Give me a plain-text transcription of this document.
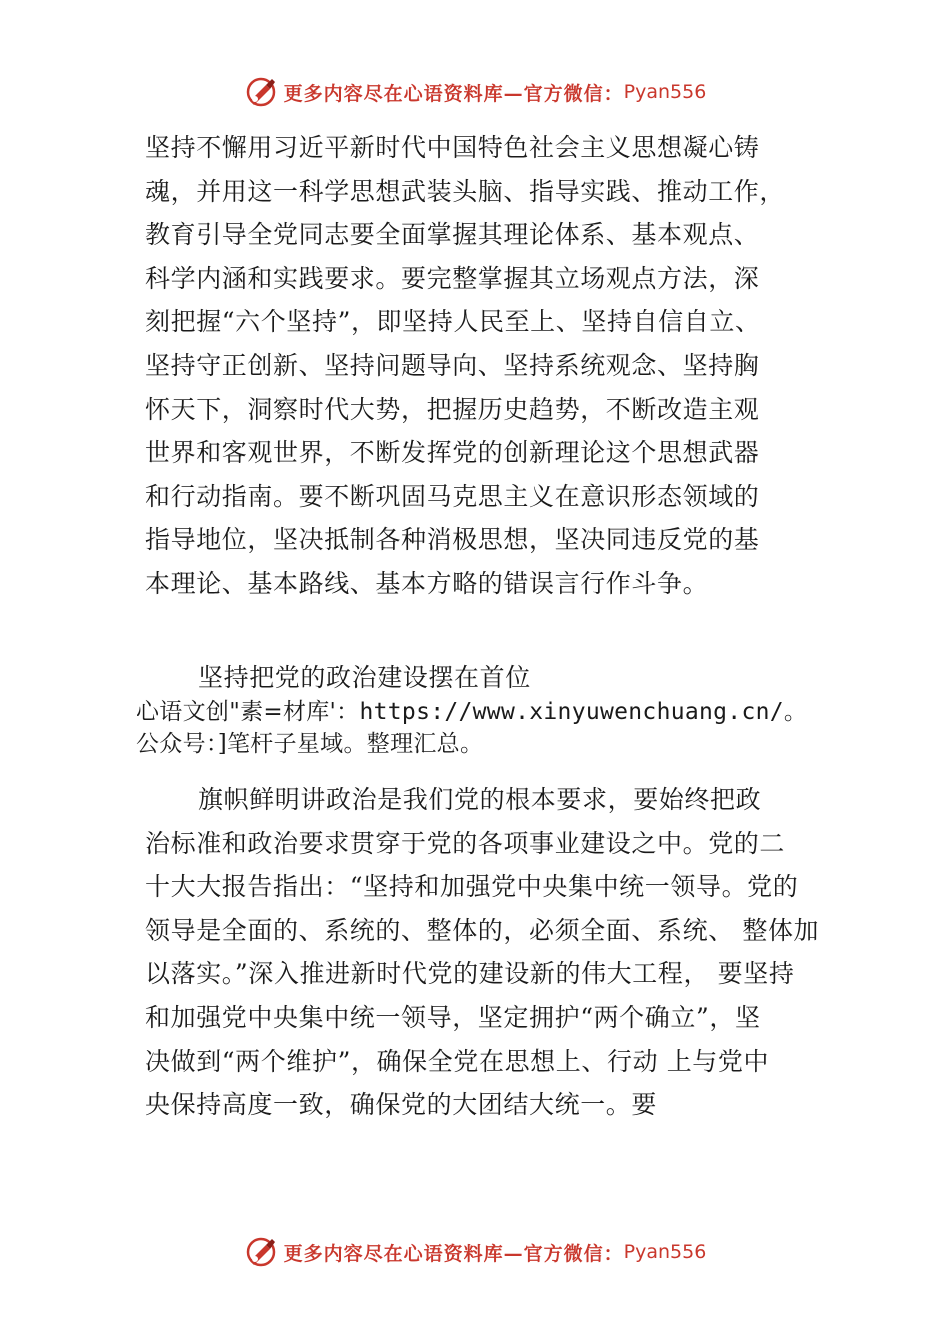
更多内容尽在心语资料库—官方微信： Pyan556

坚持不懈用习近平新时代中国特色社会主义思想凝心铸

魂，并用这一科学思想武装头脑、指导实践、推动工作，

教育引导全党同志要全面掌握其理论体系、基本观点、

科学内涵和实践要求。要完整掌握其立场观点方法，深

刻把握“六个坚持”，即坚持人民至上、坚持自信自立、

坚持守正创新、坚持问题导向、坚持系统观念、坚持胸

怀天下，洞察时代大势，把握历史趋势，不断改造主观

世界和客观世界，不断发挥党的创新理论这个思想武器

和行动指南。要不断巩固马克思主义在意识形态领域的

指导地位，坚决抵制各种消极思想，坚决同违反党的基

本理论、基本路线、基本方略的错误言行作斗争。

坚持把党的政治建设摆在首位
心语文创"素=材库'：https://www.xinyuwenchuang.cn/。
公众号：]笔杆子星域。整理汇总。

旗帜鲜明讲政治是我们党的根本要求，要始终把政

治标准和政治要求贯穿于党的各项事业建设之中。党的二

十大大报告指出：“坚持和加强党中央集中统一领导。党的

领导是全面的、系统的、整体的，必须全面、系统、 整体加

以落实。”深入推进新时代党的建设新的伟大工程， 要坚持

和加强党中央集中统一领导，坚定拥护“两个确立”，坚

决做到“两个维护”，确保全党在思想上、行动 上与党中

央保持高度一致，确保党的大团结大统一。要

更多内容尽在心语资料库—官方微信： Pyan556
